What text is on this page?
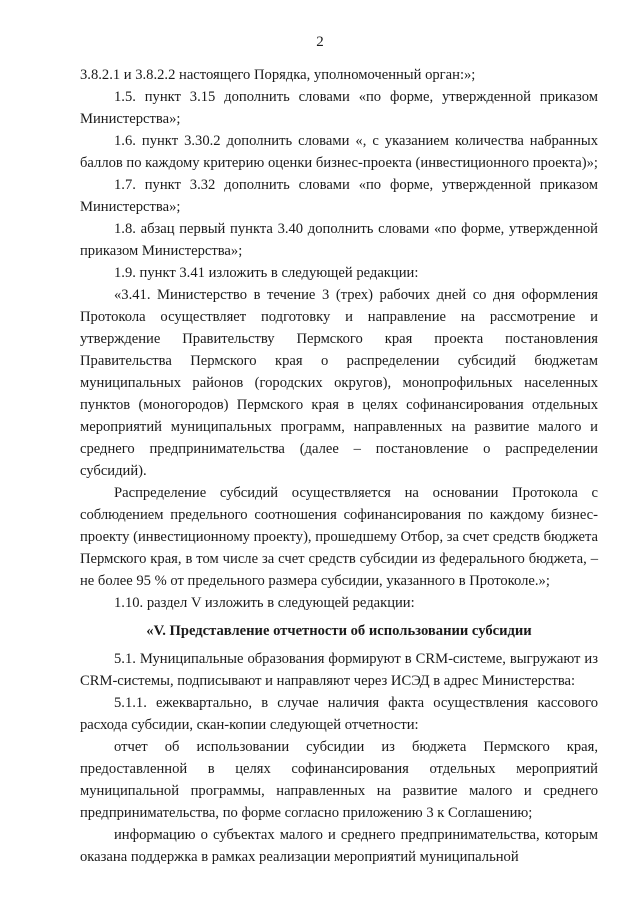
2

3.8.2.1 и 3.8.2.2 настоящего Порядка, уполномоченный орган:»;

1.5. пункт 3.15 дополнить словами «по форме, утвержденной приказом Министерства»;

1.6. пункт 3.30.2 дополнить словами «, с указанием количества набранных баллов по каждому критерию оценки бизнес-проекта (инвестиционного проекта)»;

1.7. пункт 3.32 дополнить словами «по форме, утвержденной приказом Министерства»;

1.8. абзац первый пункта 3.40 дополнить словами «по форме, утвержденной приказом Министерства»;

1.9. пункт 3.41 изложить в следующей редакции:

«3.41. Министерство в течение 3 (трех) рабочих дней со дня оформления Протокола осуществляет подготовку и направление на рассмотрение и утверждение Правительству Пермского края проекта постановления Правительства Пермского края о распределении субсидий бюджетам муниципальных районов (городских округов), монопрофильных населенных пунктов (моногородов) Пермского края в целях софинансирования отдельных мероприятий муниципальных программ, направленных на развитие малого и среднего предпринимательства (далее – постановление о распределении субсидий).

Распределение субсидий осуществляется на основании Протокола с соблюдением предельного соотношения софинансирования по каждому бизнес-проекту (инвестиционному проекту), прошедшему Отбор, за счет средств бюджета Пермского края, в том числе за счет средств субсидии из федерального бюджета, – не более 95 % от предельного размера субсидии, указанного в Протоколе.»;

1.10. раздел V изложить в следующей редакции:

«V. Представление отчетности об использовании субсидии

5.1. Муниципальные образования формируют в CRM-системе, выгружают из CRM-системы, подписывают и направляют через ИСЭД в адрес Министерства:

5.1.1. ежеквартально, в случае наличия факта осуществления кассового расхода субсидии, скан-копии следующей отчетности:

отчет об использовании субсидии из бюджета Пермского края, предоставленной в целях софинансирования отдельных мероприятий муниципальной программы, направленных на развитие малого и среднего предпринимательства, по форме согласно приложению 3 к Соглашению;

информацию о субъектах малого и среднего предпринимательства, которым оказана поддержка в рамках реализации мероприятий муниципальной
